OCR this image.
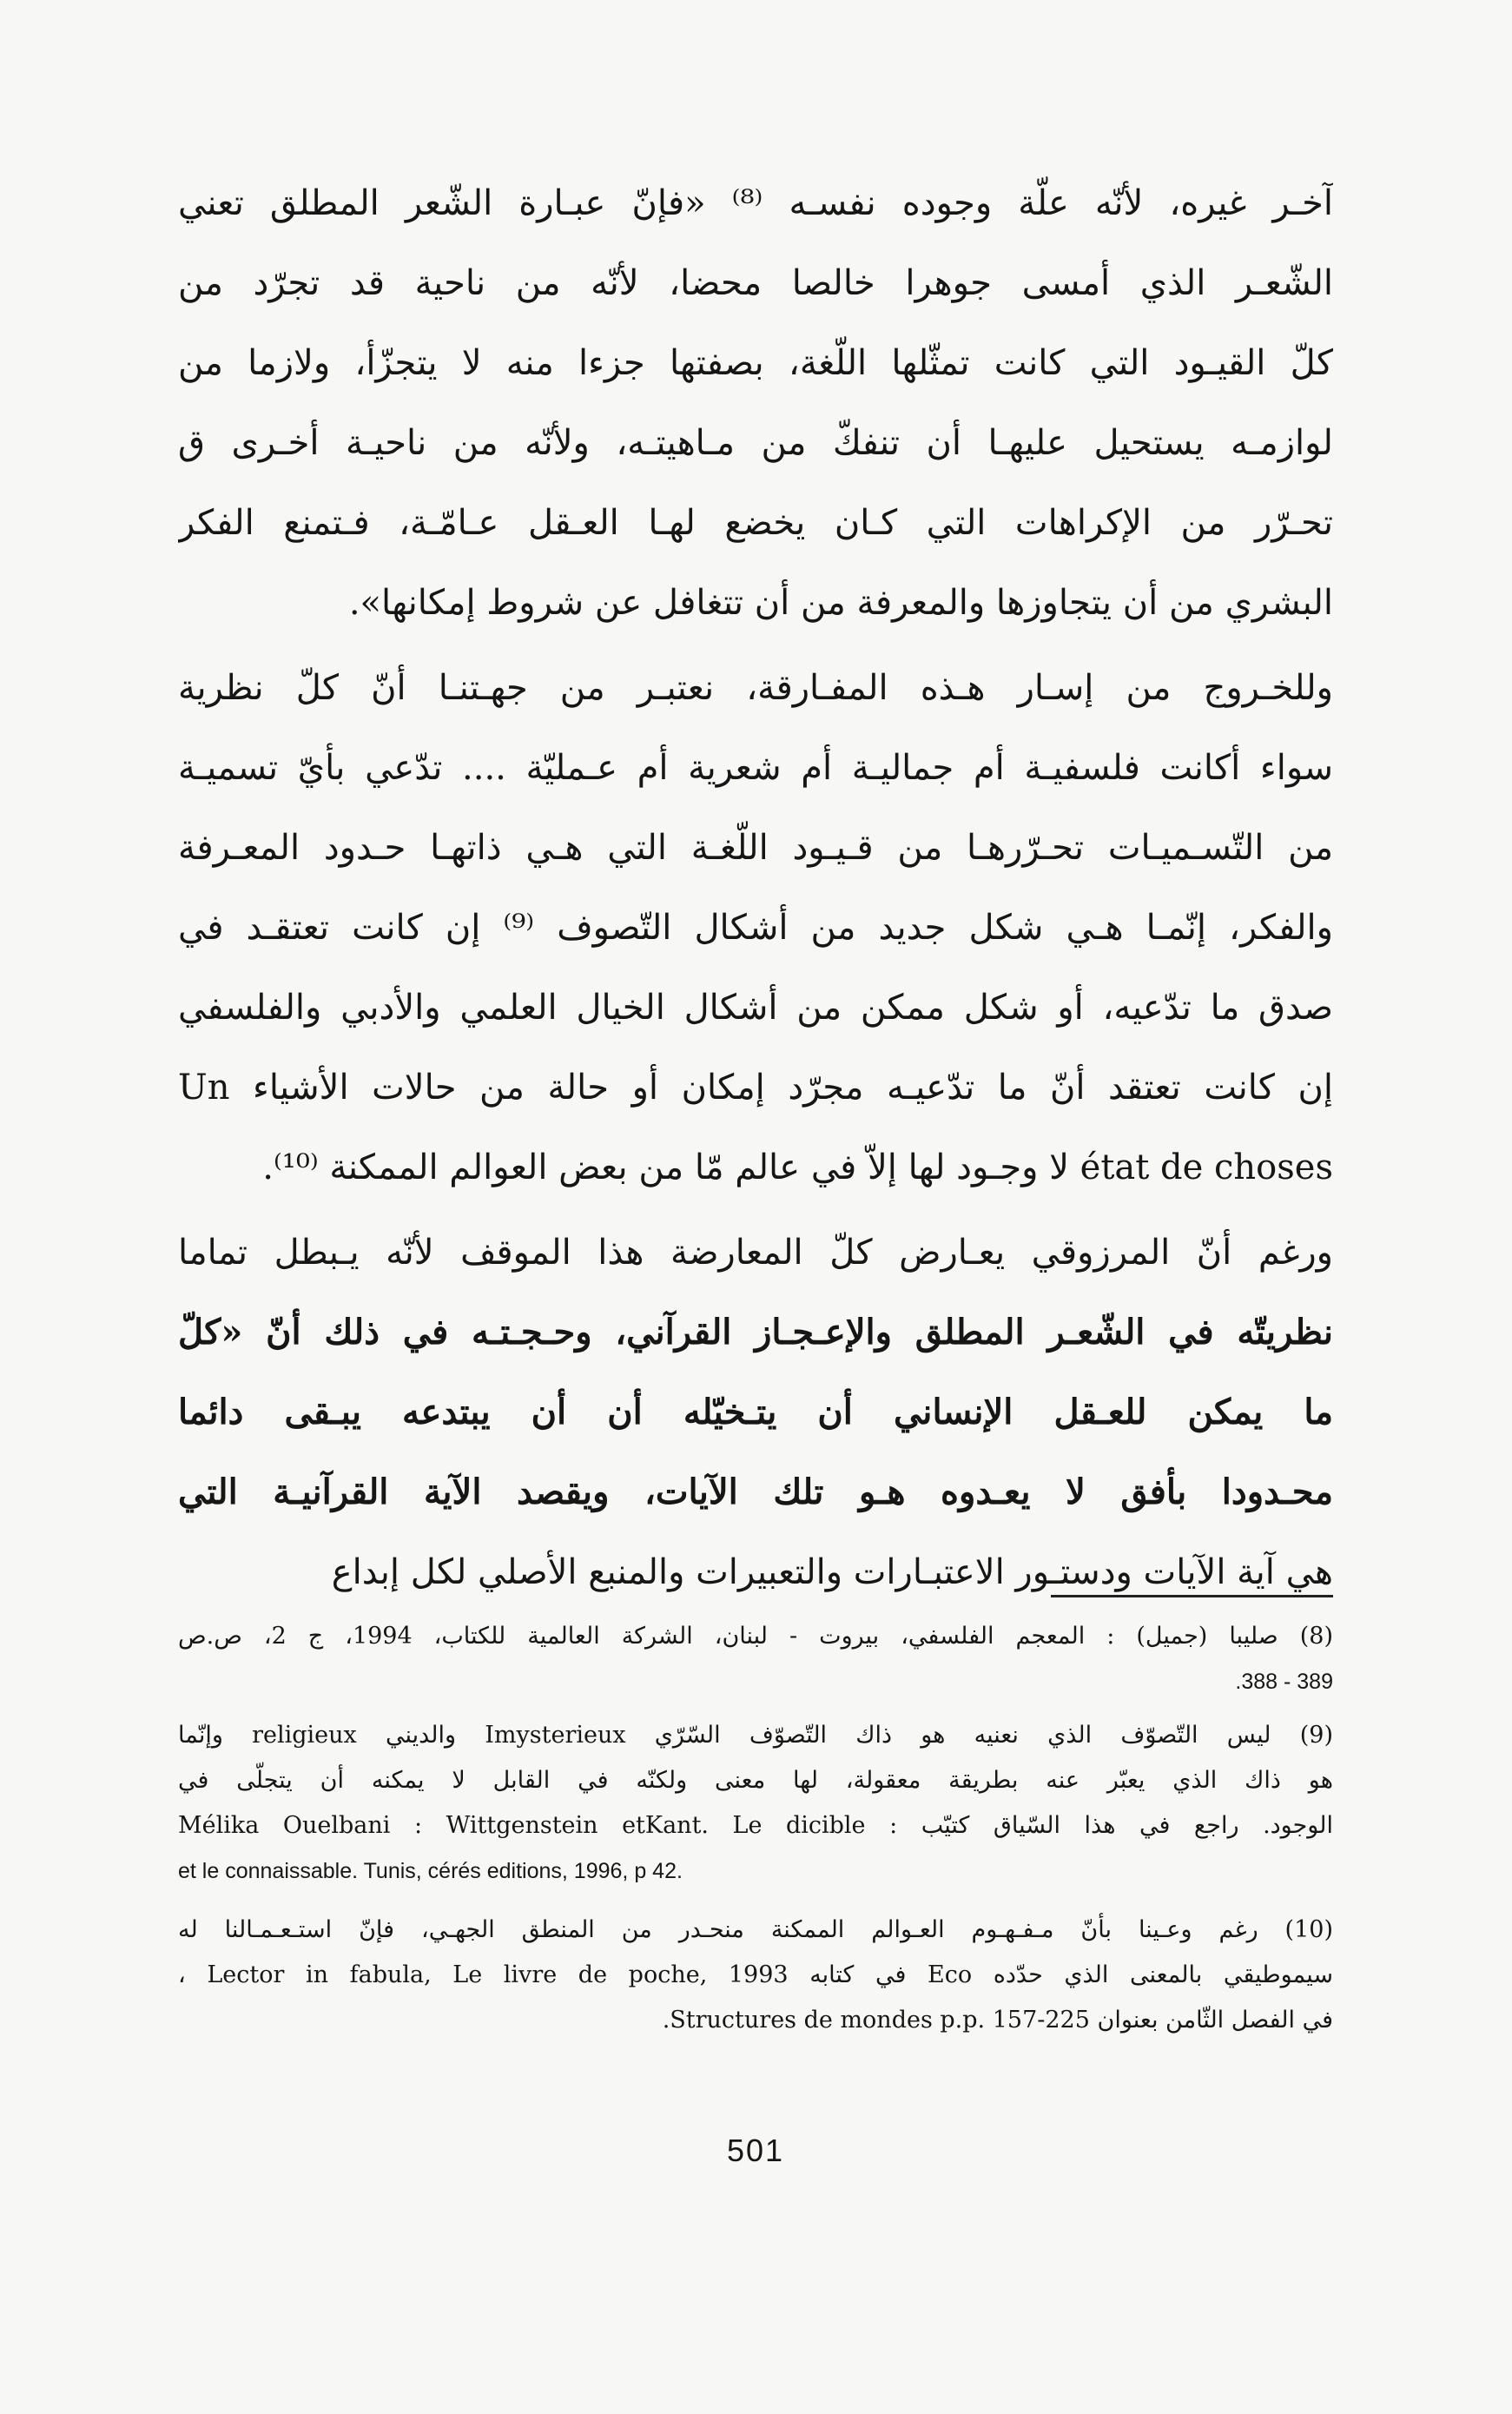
آخـر غيره، لأنّه علّة وجوده نفسـه ⁽⁸⁾ «فإنّ عبـارة الشّعر المطلق تعني
الشّعـر الذي أمسى جوهرا خالصا محضا، لأنّه من ناحية قد تجرّد من
كلّ القيـود التي كانت تمثّلها اللّغة، بصفتها جزءا منه لا يتجزّأ، ولازما من
لوازمـه يستحيل عليهـا أن تنفكّ من مـاهيتـه، ولأنّه من ناحيـة أخـرى ق
تحـرّر من الإكراهات التي كـان يخضع لهـا العـقل عـامّـة، فـتمنع الفكر
البشري من أن يتجاوزها والمعرفة من أن تتغافل عن شروط إمكانها».
وللخـروج من إسـار هـذه المفـارقة، نعتبـر من جهـتنـا أنّ كلّ نظرية
سواء أكانت فلسفيـة أم جماليـة أم شعرية أم عـمليّة .... تدّعي بأيّ تسميـة
من التّسـميـات تحـرّرهـا من قـيـود اللّغـة التي هـي ذاتهـا حـدود المعـرفة
والفكر، إنّمـا هـي شكل جديد من أشكال التّصوف ⁽⁹⁾ إن كانت تعتقـد في
صدق ما تدّعيه، أو شكل ممكن من أشكال الخيال العلمي والأدبي والفلسفي
إن كانت تعتقد أنّ ما تدّعيـه مجرّد إمكان أو حالة من حالات الأشياء Un
état de choses لا وجـود لها إلاّ في عالم مّا من بعض العوالم الممكنة ⁽¹⁰⁾.
ورغم أنّ المرزوقي يعـارض كلّ المعارضة هذا الموقف لأنّه يـبطل تماما
نظريتّه في الشّعـر المطلق والإعـجـاز القرآني، وحـجـتـه في ذلك أنّ «كلّ
ما يمكن للعـقل الإنساني أن يتـخيّله أن أن يبتدعه يبـقى دائما
محـدودا بأفق لا يعـدوه هـو تلك الآيات، ويقصد الآية القرآنيـة التي
هي آية الآيات ودستـور الاعتبـارات والتعبيرات والمنبع الأصلي لكل إبداع
(8) صليبا (جميل) : المعجم الفلسفي، بيروت - لبنان، الشركة العالمية للكتاب، 1994، ج 2، ص.ص
389 - 388.
(9) ليس التّصوّف الذي نعنيه هو ذاك التّصوّف السّرّي Imysterieux والديني religieux وإنّما
هو ذاك الذي يعبّر عنه بطريقة معقولة، لها معنى ولكنّه في القابل لا يمكنه أن يتجلّى في
الوجود. راجع في هذا السّياق كتيّب : Mélika Ouelbani : Wittgenstein etKant. Le dicible
et le connaissable. Tunis, cérés editions, 1996, p 42.
(10) رغم وعـينا بأنّ مـفـهـوم العـوالم الممكنة منحـدر من المنطق الجهـي، فإنّ استـعـمـالنا له
سيموطيقي بالمعنى الذي حدّده Eco في كتابه Lector in fabula, Le livre de poche, 1993 ،
في الفصل الثّامن بعنوان Structures de mondes p.p. 157-225.
501
